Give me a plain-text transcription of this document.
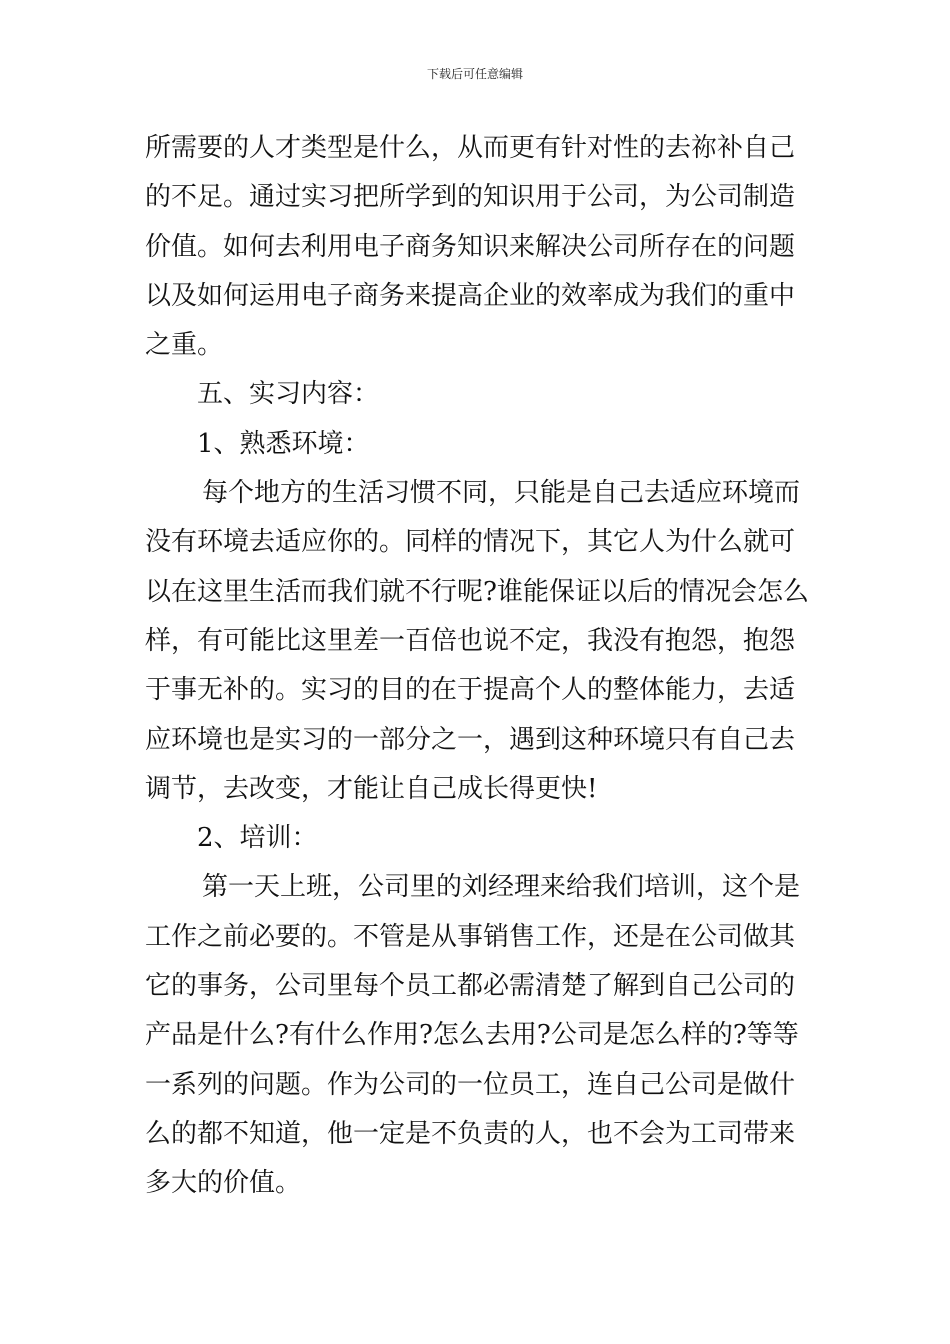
下载后可任意编辑
所需要的人才类型是什么，从而更有针对性的去祢补自己
的不足。通过实习把所学到的知识用于公司，为公司制造
价值。如何去利用电子商务知识来解决公司所存在的问题
以及如何运用电子商务来提高企业的效率成为我们的重中
之重。
五、实习内容：
1、熟悉环境：
每个地方的生活习惯不同，只能是自己去适应环境而
没有环境去适应你的。同样的情况下，其它人为什么就可
以在这里生活而我们就不行呢?谁能保证以后的情况会怎么
样，有可能比这里差一百倍也说不定，我没有抱怨，抱怨
于事无补的。实习的目的在于提高个人的整体能力，去适
应环境也是实习的一部分之一，遇到这种环境只有自己去
调节，去改变，才能让自己成长得更快!
2、培训：
第一天上班，公司里的刘经理来给我们培训，这个是
工作之前必要的。不管是从事销售工作，还是在公司做其
它的事务，公司里每个员工都必需清楚了解到自己公司的
产品是什么?有什么作用?怎么去用?公司是怎么样的?等等
一系列的问题。作为公司的一位员工，连自己公司是做什
么的都不知道，他一定是不负责的人，也不会为工司带来
多大的价值。
